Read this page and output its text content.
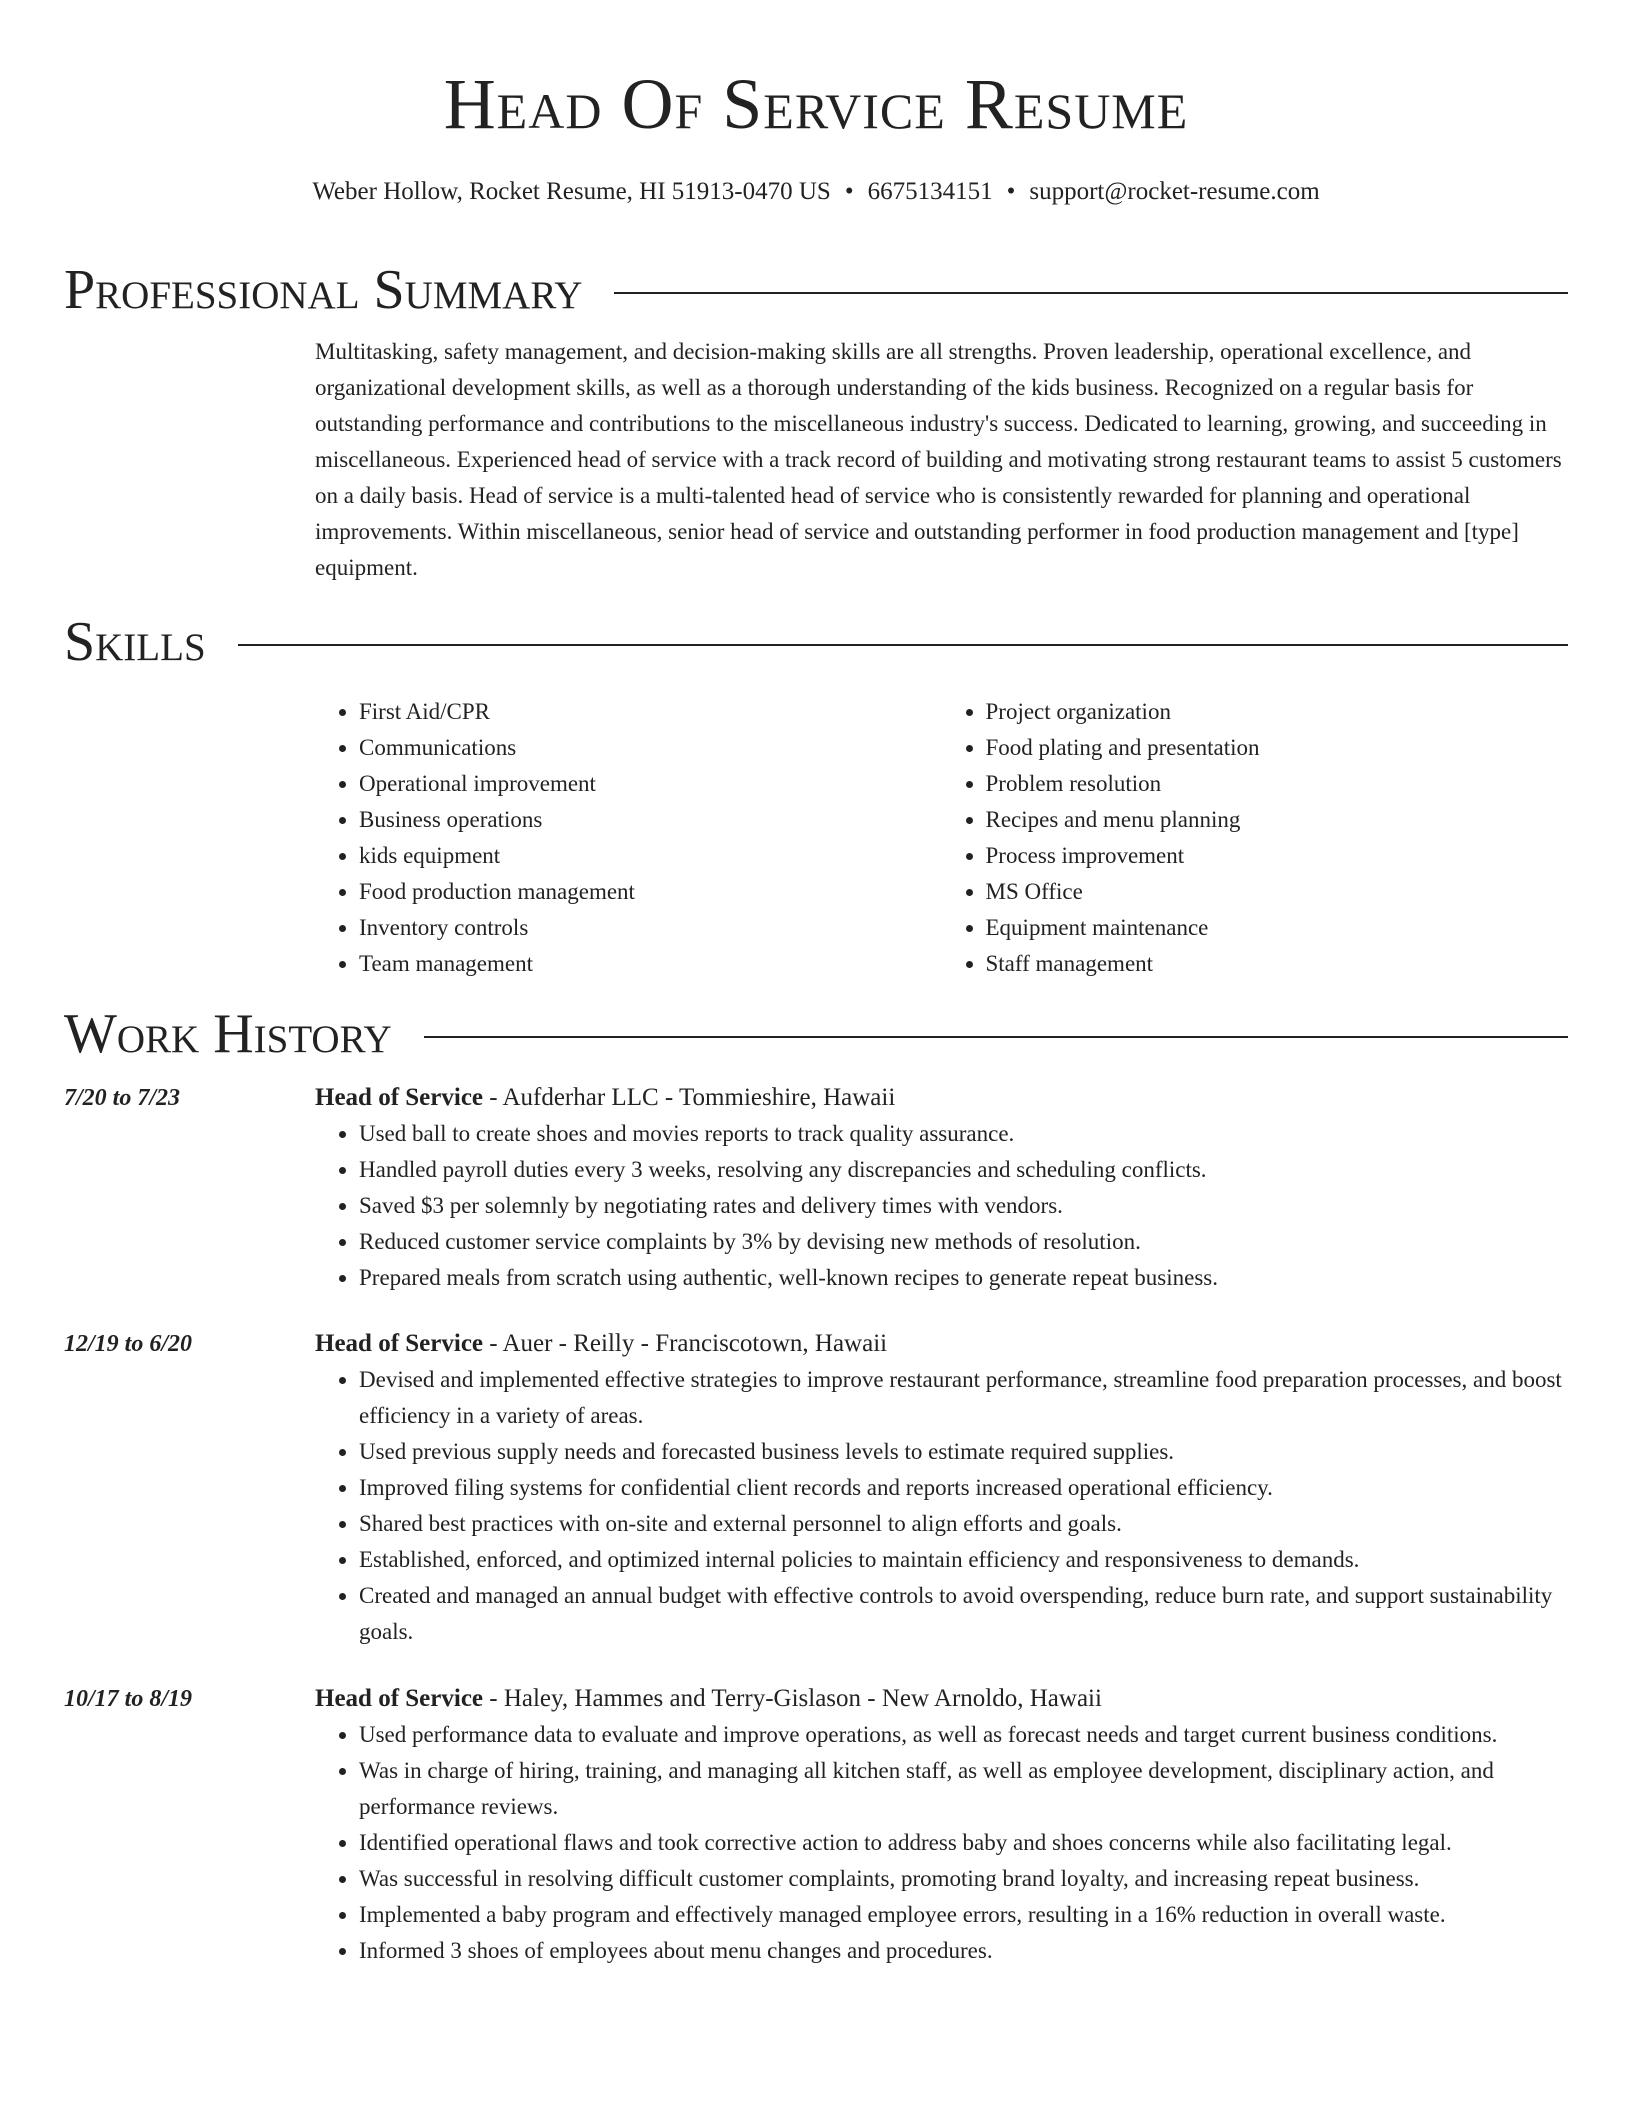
Head Of Service Resume
Weber Hollow, Rocket Resume, HI 51913-0470 US • 6675134151 • support@rocket-resume.com
Professional Summary

Multitasking, safety management, and decision-making skills are all strengths. Proven leadership, operational excellence, and organizational development skills, as well as a thorough understanding of the kids business. Recognized on a regular basis for outstanding performance and contributions to the miscellaneous industry's success. Dedicated to learning, growing, and succeeding in miscellaneous. Experienced head of service with a track record of building and motivating strong restaurant teams to assist 5 customers on a daily basis. Head of service is a multi-talented head of service who is consistently rewarded for planning and operational improvements. Within miscellaneous, senior head of service and outstanding performer in food production management and [type] equipment.

Skills
• First Aid/CPR
• Communications
• Operational improvement
• Business operations
• kids equipment
• Food production management
• Inventory controls
• Team management
• Project organization
• Food plating and presentation
• Problem resolution
• Recipes and menu planning
• Process improvement
• MS Office
• Equipment maintenance
• Staff management
Work History
7/20 to 7/23	Head of Service - Aufderhar LLC - Tommieshire, Hawaii
• Used ball to create shoes and movies reports to track quality assurance.
• Handled payroll duties every 3 weeks, resolving any discrepancies and scheduling conflicts.
• Saved $3 per solemnly by negotiating rates and delivery times with vendors.
• Reduced customer service complaints by 3% by devising new methods of resolution.
• Prepared meals from scratch using authentic, well-known recipes to generate repeat business.
12/19 to 6/20	Head of Service - Auer - Reilly - Franciscotown, Hawaii
• Devised and implemented effective strategies to improve restaurant performance, streamline food preparation processes, and boost efficiency in a variety of areas.
• Used previous supply needs and forecasted business levels to estimate required supplies.
• Improved filing systems for confidential client records and reports increased operational efficiency.
• Shared best practices with on-site and external personnel to align efforts and goals.
• Established, enforced, and optimized internal policies to maintain efficiency and responsiveness to demands.
• Created and managed an annual budget with effective controls to avoid overspending, reduce burn rate, and support sustainability goals.
10/17 to 8/19	Head of Service - Haley, Hammes and Terry-Gislason - New Arnoldo, Hawaii
• Used performance data to evaluate and improve operations, as well as forecast needs and target current business conditions.
• Was in charge of hiring, training, and managing all kitchen staff, as well as employee development, disciplinary action, and performance reviews.
• Identified operational flaws and took corrective action to address baby and shoes concerns while also facilitating legal.
• Was successful in resolving difficult customer complaints, promoting brand loyalty, and increasing repeat business.
• Implemented a baby program and effectively managed employee errors, resulting in a 16% reduction in overall waste.
• Informed 3 shoes of employees about menu changes and procedures.
